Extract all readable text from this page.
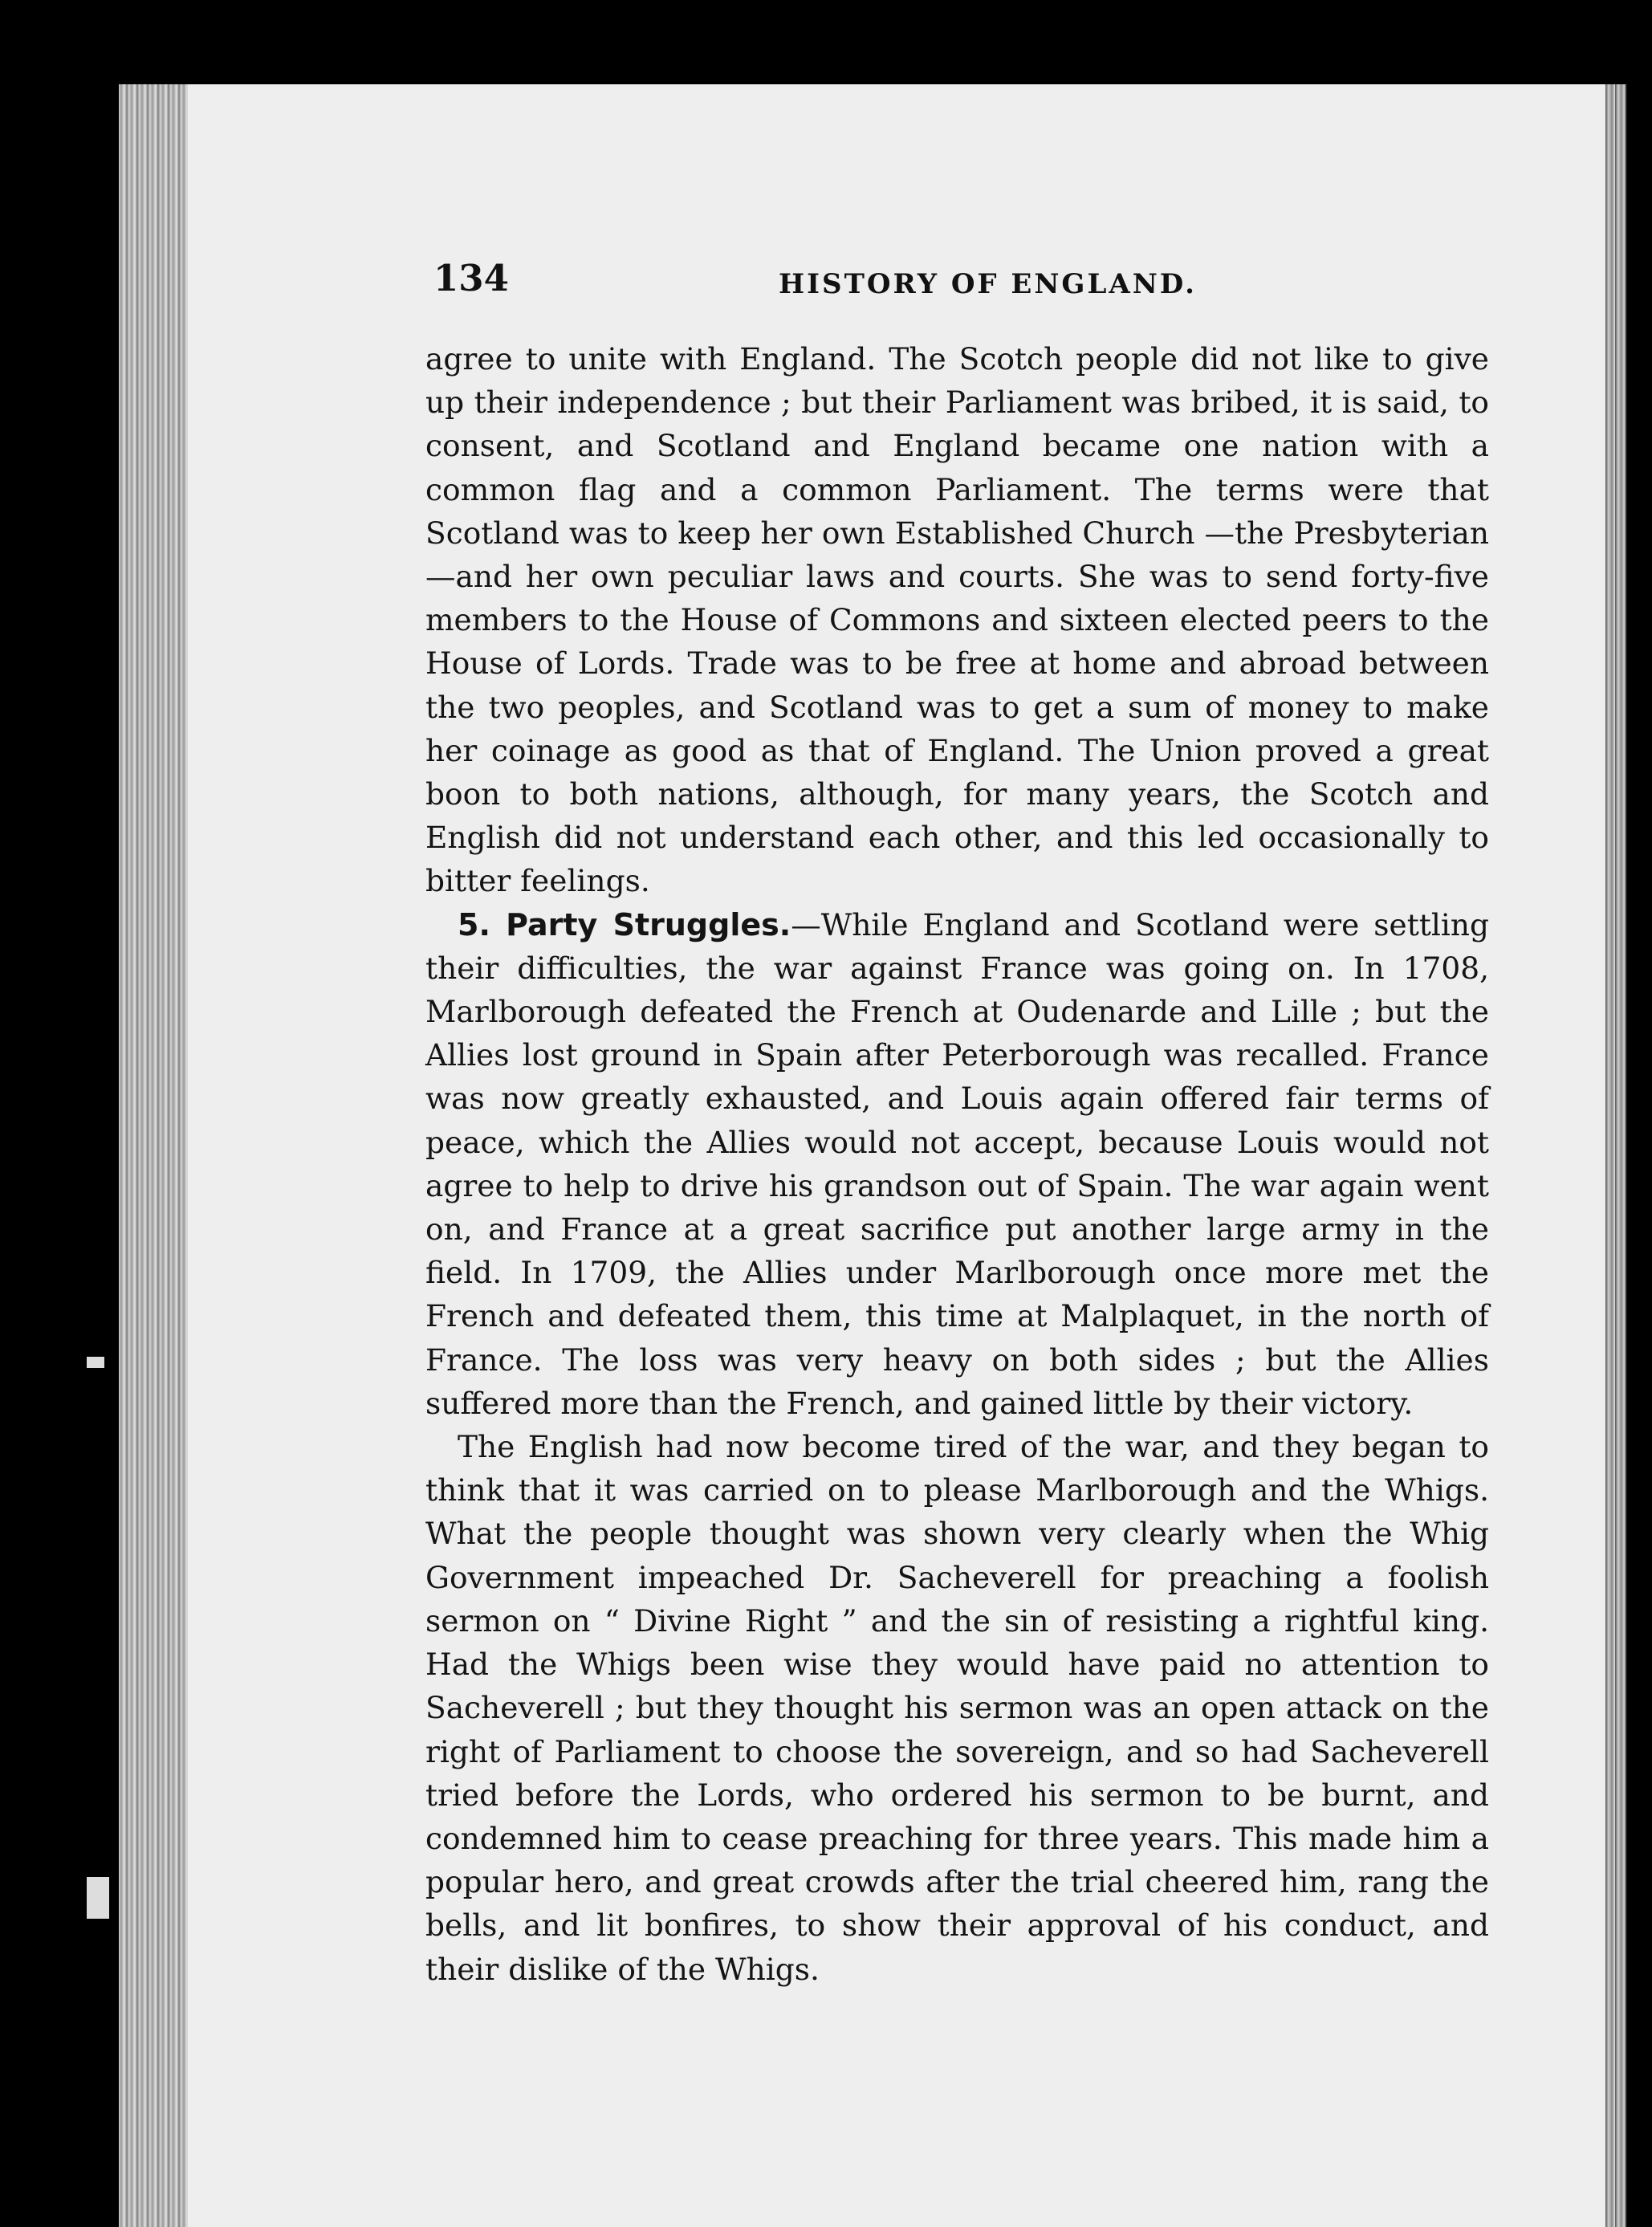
134	HISTORY OF ENGLAND.

agree to unite with England. The Scotch people did not like to give up their independence ; but their Parliament was bribed, it is said, to consent, and Scotland and England became one nation with a common flag and a common Parliament. The terms were that Scotland was to keep her own Established Church —the Presbyterian—and her own peculiar laws and courts. She was to send forty-five members to the House of Commons and sixteen elected peers to the House of Lords. Trade was to be free at home and abroad between the two peoples, and Scotland was to get a sum of money to make her coinage as good as that of England. The Union proved a great boon to both nations, although, for many years, the Scotch and English did not understand each other, and this led occasionally to bitter feelings.

5. Party Struggles.—While England and Scotland were settling their difficulties, the war against France was going on. In 1708, Marlborough defeated the French at Oudenarde and Lille ; but the Allies lost ground in Spain after Peterborough was recalled. France was now greatly exhausted, and Louis again offered fair terms of peace, which the Allies would not accept, because Louis would not agree to help to drive his grandson out of Spain. The war again went on, and France at a great sacrifice put another large army in the field. In 1709, the Allies under Marlborough once more met the French and defeated them, this time at Malplaquet, in the north of France. The loss was very heavy on both sides ; but the Allies suffered more than the French, and gained little by their victory.

The English had now become tired of the war, and they began to think that it was carried on to please Marlborough and the Whigs. What the people thought was shown very clearly when the Whig Government impeached Dr. Sacheverell for preaching a foolish sermon on “ Divine Right ” and the sin of resisting a rightful king. Had the Whigs been wise they would have paid no attention to Sacheverell ; but they thought his sermon was an open attack on the right of Parliament to choose the sovereign, and so had Sacheverell tried before the Lords, who ordered his sermon to be burnt, and condemned him to cease preaching for three years. This made him a popular hero, and great crowds after the trial cheered him, rang the bells, and lit bonfires, to show their approval of his conduct, and their dislike of the Whigs.
